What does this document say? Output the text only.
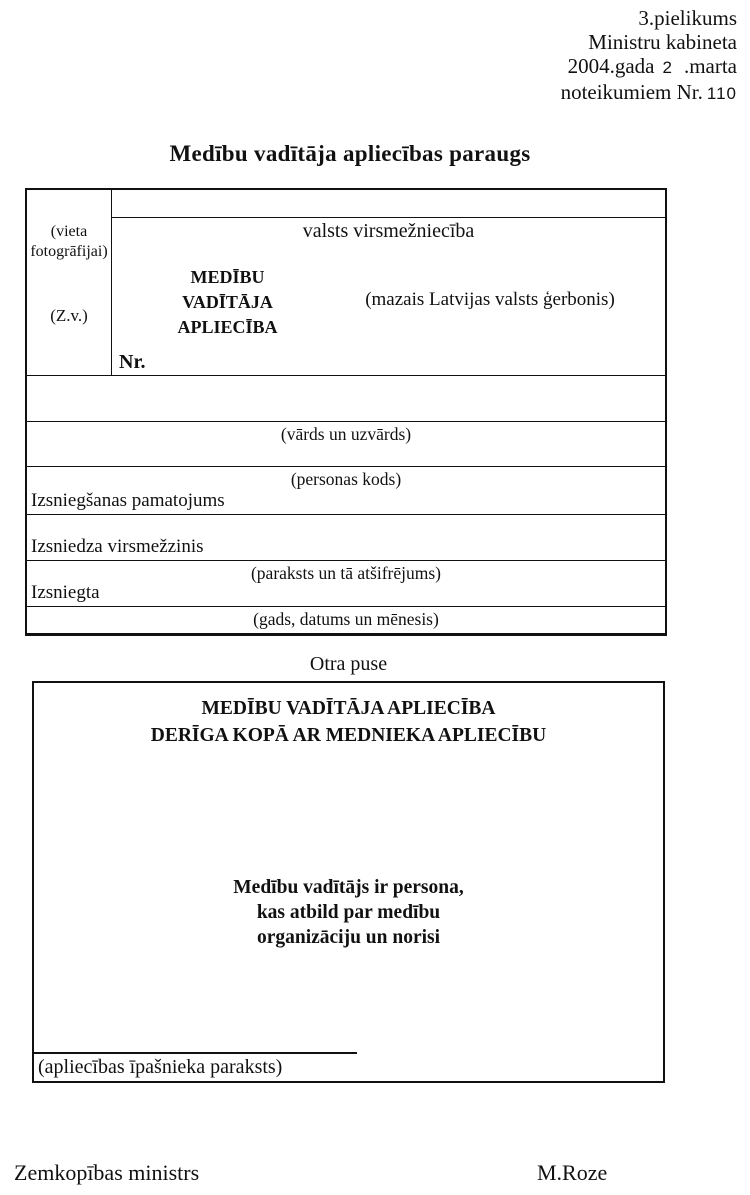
3.pielikums
Ministru kabineta
2004.gada 2 .marta
noteikumiem Nr. 110
Medību vadītāja apliecības paraugs
(vieta fotogrāfijai)
(Z.v.)
valsts virsmežniecība
MEDĪBU
VADĪTĀJA
APLIECĪBA
(mazais Latvijas valsts ģerbonis)
Nr.
(vārds un uzvārds)
(personas kods)
Izsniegšanas pamatojums
Izsniedza virsmežzinis
(paraksts un tā atšifrējums)
Izsniegta
(gads, datums un mēnesis)
Otra puse
MEDĪBU VADĪTĀJA APLIECĪBA
DERĪGA KOPĀ AR MEDNIEKA APLIECĪBU
Medību vadītājs ir persona,
kas atbild par medību
organizāciju un norisi
(apliecības īpašnieka paraksts)
Zemkopības ministrs	M.Roze
